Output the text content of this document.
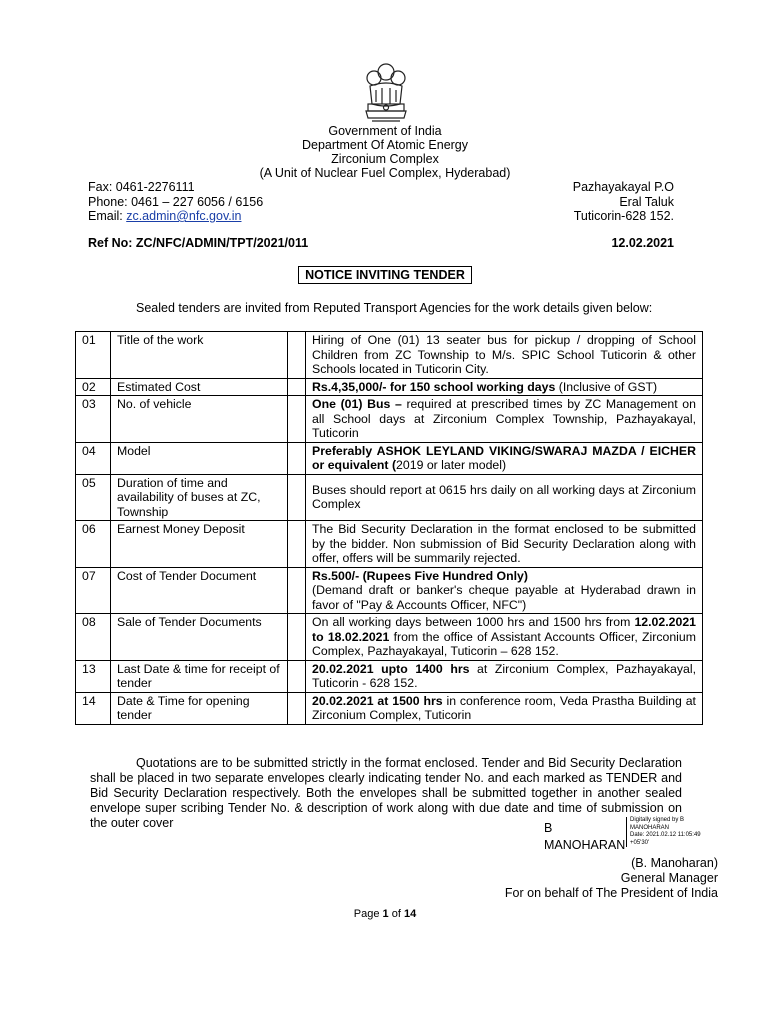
Government of India
Department Of Atomic Energy
Zirconium Complex
(A Unit of Nuclear Fuel Complex, Hyderabad)
Fax: 0461-2276111
Phone: 0461 – 227 6056 / 6156
Email: zc.admin@nfc.gov.in
Pazhayakayal P.O
Eral Taluk
Tuticorin-628 152.
Ref No: ZC/NFC/ADMIN/TPT/2021/011	12.02.2021
NOTICE INVITING TENDER
Sealed tenders are invited from Reputed Transport Agencies for the work details given below:
01	Title of the work		Hiring of One (01) 13 seater bus for pickup / dropping of School Children from ZC Township to M/s. SPIC School Tuticorin & other Schools located in Tuticorin City.
02	Estimated Cost		Rs.4,35,000/- for 150 school working days (Inclusive of GST)
03	No. of vehicle		One (01) Bus – required at prescribed times by ZC Management on all School days at Zirconium Complex Township, Pazhayakayal, Tuticorin
04	Model		Preferably ASHOK LEYLAND VIKING/SWARAJ MAZDA / EICHER or equivalent (2019 or later model)
05	Duration of time and availability of buses at ZC, Township		Buses should report at 0615 hrs daily on all working days at Zirconium Complex
06	Earnest Money Deposit		The Bid Security Declaration in the format enclosed to be submitted by the bidder. Non submission of Bid Security Declaration along with offer, offers will be summarily rejected.
07	Cost of Tender Document		Rs.500/- (Rupees Five Hundred Only)
(Demand draft or banker's cheque payable at Hyderabad drawn in favor of "Pay & Accounts Officer, NFC")
08	Sale of Tender Documents		On all working days between 1000 hrs and 1500 hrs from 12.02.2021 to 18.02.2021 from the office of Assistant Accounts Officer, Zirconium Complex, Pazhayakayal, Tuticorin – 628 152.
13	Last Date & time for receipt of tender		20.02.2021 upto 1400 hrs at Zirconium Complex, Pazhayakayal, Tuticorin - 628 152.
14	Date & Time for opening tender		20.02.2021 at 1500 hrs in conference room, Veda Prastha Building at Zirconium Complex, Tuticorin
Quotations are to be submitted strictly in the format enclosed. Tender and Bid Security Declaration shall be placed in two separate envelopes clearly indicating tender No. and each marked as TENDER and Bid Security Declaration respectively. Both the envelopes shall be submitted together in another sealed envelope super scribing Tender No. & description of work along with due date and time of submission on the outer cover	B
MANOHARAN
Digitally signed by B
MANOHARAN
Date: 2021.02.12 11:05:49
+05'30'
(B. Manoharan)
General Manager
For on behalf of The President of India
Page 1 of 14
